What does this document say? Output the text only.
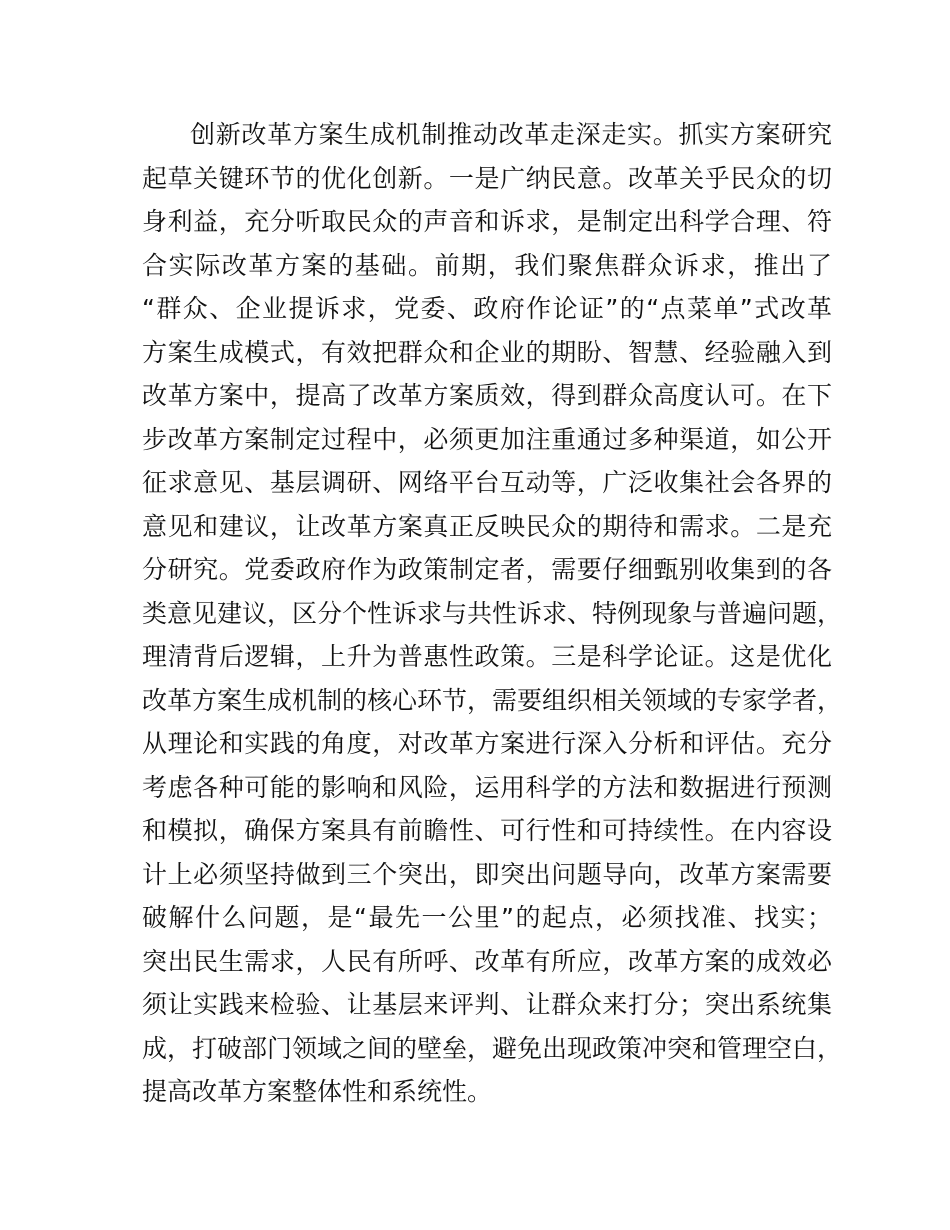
创新改革方案生成机制推动改革走深走实。抓实方案研究
起草关键环节的优化创新。一是广纳民意。改革关乎民众的切
身利益，充分听取民众的声音和诉求，是制定出科学合理、符
合实际改革方案的基础。前期，我们聚焦群众诉求，推出了
“群众、企业提诉求，党委、政府作论证”的“点菜单”式改革
方案生成模式，有效把群众和企业的期盼、智慧、经验融入到
改革方案中，提高了改革方案质效，得到群众高度认可。在下
步改革方案制定过程中，必须更加注重通过多种渠道，如公开
征求意见、基层调研、网络平台互动等，广泛收集社会各界的
意见和建议，让改革方案真正反映民众的期待和需求。二是充
分研究。党委政府作为政策制定者，需要仔细甄别收集到的各
类意见建议，区分个性诉求与共性诉求、特例现象与普遍问题，
理清背后逻辑，上升为普惠性政策。三是科学论证。这是优化
改革方案生成机制的核心环节，需要组织相关领域的专家学者，
从理论和实践的角度，对改革方案进行深入分析和评估。充分
考虑各种可能的影响和风险，运用科学的方法和数据进行预测
和模拟，确保方案具有前瞻性、可行性和可持续性。在内容设
计上必须坚持做到三个突出，即突出问题导向，改革方案需要
破解什么问题，是“最先一公里”的起点，必须找准、找实；
突出民生需求，人民有所呼、改革有所应，改革方案的成效必
须让实践来检验、让基层来评判、让群众来打分；突出系统集
成，打破部门领域之间的壁垒，避免出现政策冲突和管理空白，
提高改革方案整体性和系统性。
